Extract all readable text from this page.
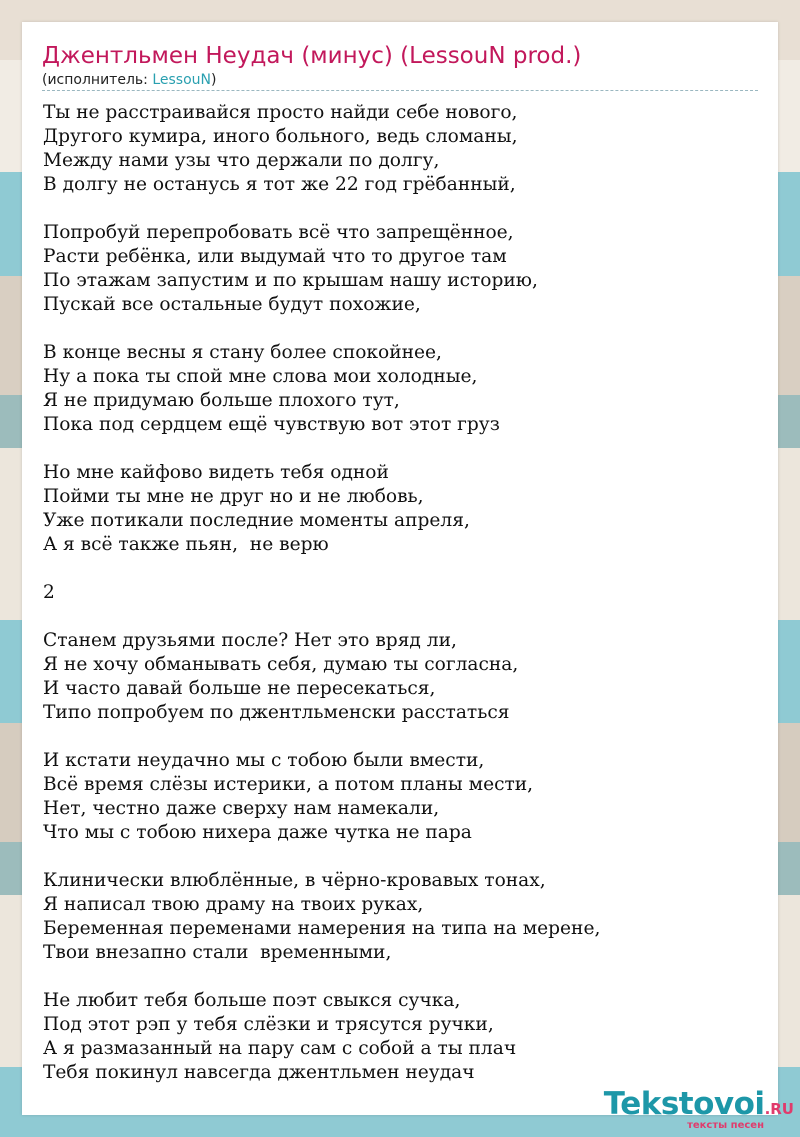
Джентльмен Неудач (минус) (LessouN prod.)
(исполнитель: LessouN)
Ты не расстраивайся просто найди себе нового,
Другого кумира, иного больного, ведь сломаны,
Между нами узы что держали по долгу,
В долгу не останусь я тот же 22 год грёбанный,
Попробуй перепробовать всё что запрещённое,
Расти ребёнка, или выдумай что то другое там
По этажам запустим и по крышам нашу историю,
Пускай все остальные будут похожие,
В конце весны я стану более спокойнее,
Ну а пока ты спой мне слова мои холодные,
Я не придумаю больше плохого тут,
Пока под сердцем ещё чувствую вот этот груз
Но мне кайфово видеть тебя одной
Пойми ты мне не друг но и не любовь,
Уже потикали последние моменты апреля,
А я всё также пьян,  не верю
2
Станем друзьями после? Нет это вряд ли,
Я не хочу обманывать себя, думаю ты согласна,
И часто давай больше не пересекаться,
Типо попробуем по джентльменски расстаться
И кстати неудачно мы с тобою были вмести,
Всё время слёзы истерики, а потом планы мести,
Нет, честно даже сверху нам намекали,
Что мы с тобою нихера даже чутка не пара
Клинически влюблённые, в чёрно-кровавых тонах,
Я написал твою драму на твоих руках,
Беременная переменами намерения на типа на мерене,
Твои внезапно стали  временными,
Не любит тебя больше поэт свыкся сучка,
Под этот рэп у тебя слёзки и трясутся ручки,
А я размазанный на пару сам с собой а ты плач
Тебя покинул навсегда джентльмен неудач
Tekstovoi.RU
тексты песен
